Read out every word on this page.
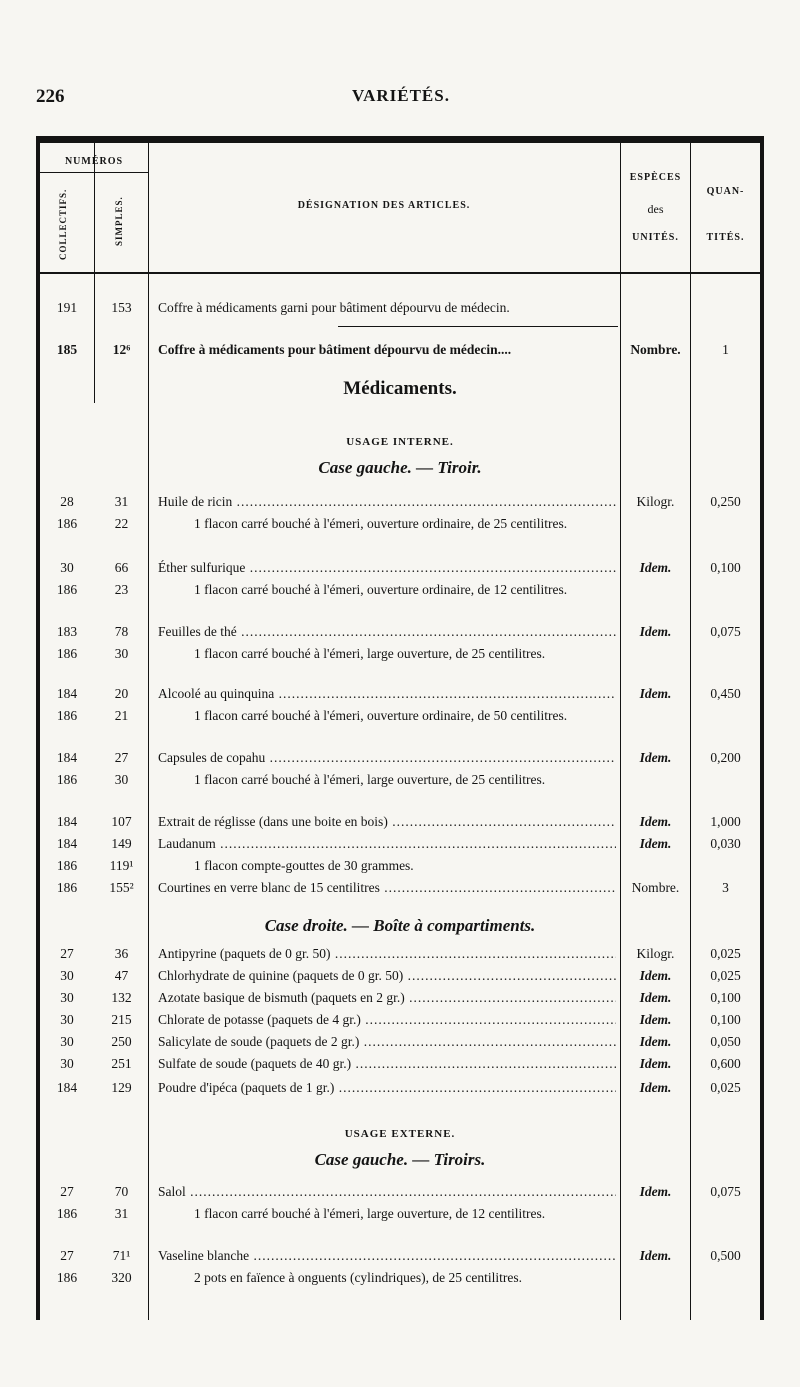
226	VARIÉTÉS.
NUMÉROS
COLLECTIFS.	SIMPLES.	DÉSIGNATION DES ARTICLES.
ESPÈCES
des
UNITÉS.
QUAN-
TITÉS.
191	153	Coffre à médicaments garni pour bâtiment dépourvu de médecin.
185	12⁶	Coffre à médicaments pour bâtiment dépourvu de médecin....	Nombre.	1
Médicaments.
USAGE INTERNE.
Case gauche. — Tiroir.
28	31	Huile de ricin .....	Kilogr.	0,250
186	22	1 flacon carré bouché à l'émeri, ouverture ordinaire, de 25 centilitres.
30	66	Éther sulfurique .....	Idem.	0,100
186	23	1 flacon carré bouché à l'émeri, ouverture ordinaire, de 12 centilitres.
183	78	Feuilles de thé .....	Idem.	0,075
186	30	1 flacon carré bouché à l'émeri, large ouverture, de 25 centilitres.
184	20	Alcoolé au quinquina .....	Idem.	0,450
186	21	1 flacon carré bouché à l'émeri, ouverture ordinaire, de 50 centilitres.
184	27	Capsules de copahu .....	Idem.	0,200
186	30	1 flacon carré bouché à l'émeri, large ouverture, de 25 centilitres.
184	107	Extrait de réglisse (dans une boite en bois) .....	Idem.	1,000
184	149	Laudanum .....	Idem.	0,030
186	119¹	1 flacon compte-gouttes de 30 grammes.
186	155²	Courtines en verre blanc de 15 centilitres .....	Nombre.	3
Case droite. — Boîte à compartiments.
27	36	Antipyrine (paquets de 0 gr. 50) .....	Kilogr.	0,025
30	47	Chlorhydrate de quinine (paquets de 0 gr. 50) .....	Idem.	0,025
30	132	Azotate basique de bismuth (paquets en 2 gr.) .....	Idem.	0,100
30	215	Chlorate de potasse (paquets de 4 gr.) .....	Idem.	0,100
30	250	Salicylate de soude (paquets de 2 gr.) .....	Idem.	0,050
30	251	Sulfate de soude (paquets de 40 gr.) .....	Idem.	0,600
184	129	Poudre d'ipéca (paquets de 1 gr.) .....	Idem.	0,025
USAGE EXTERNE.
Case gauche. — Tiroirs.
27	70	Salol .....	Idem.	0,075
186	31	1 flacon carré bouché à l'émeri, large ouverture, de 12 centilitres.
27	71¹	Vaseline blanche .....	Idem.	0,500
186	320	2 pots en faïence à onguents (cylindriques), de 25 centilitres.
